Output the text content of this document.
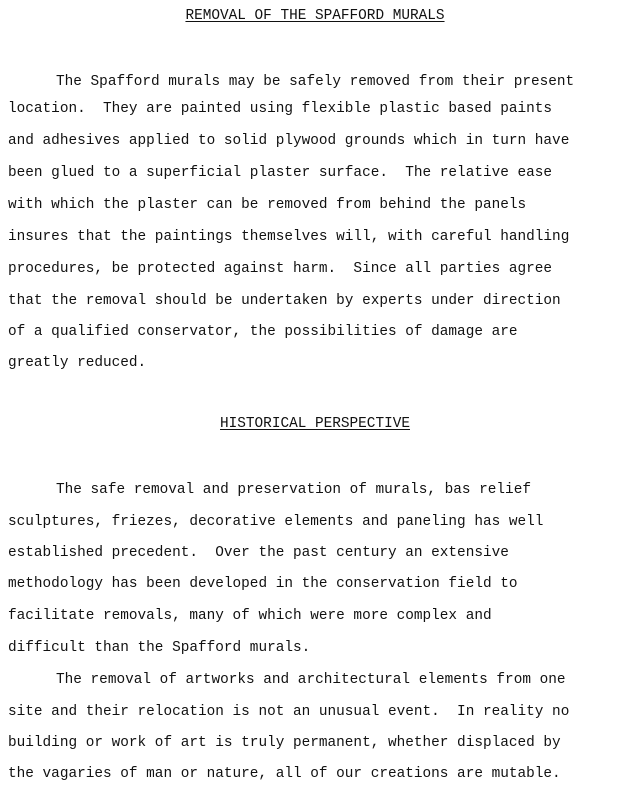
REMOVAL OF THE SPAFFORD MURALS
The Spafford murals may be safely removed from their present
location.  They are painted using flexible plastic based paints
and adhesives applied to solid plywood grounds which in turn have
been glued to a superficial plaster surface.  The relative ease
with which the plaster can be removed from behind the panels
insures that the paintings themselves will, with careful handling
procedures, be protected against harm.  Since all parties agree
that the removal should be undertaken by experts under direction
of a qualified conservator, the possibilities of damage are
greatly reduced.
HISTORICAL PERSPECTIVE
The safe removal and preservation of murals, bas relief
sculptures, friezes, decorative elements and paneling has well
established precedent.  Over the past century an extensive
methodology has been developed in the conservation field to
facilitate removals, many of which were more complex and
difficult than the Spafford murals.
The removal of artworks and architectural elements from one
site and their relocation is not an unusual event.  In reality no
building or work of art is truly permanent, whether displaced by
the vagaries of man or nature, all of our creations are mutable.
